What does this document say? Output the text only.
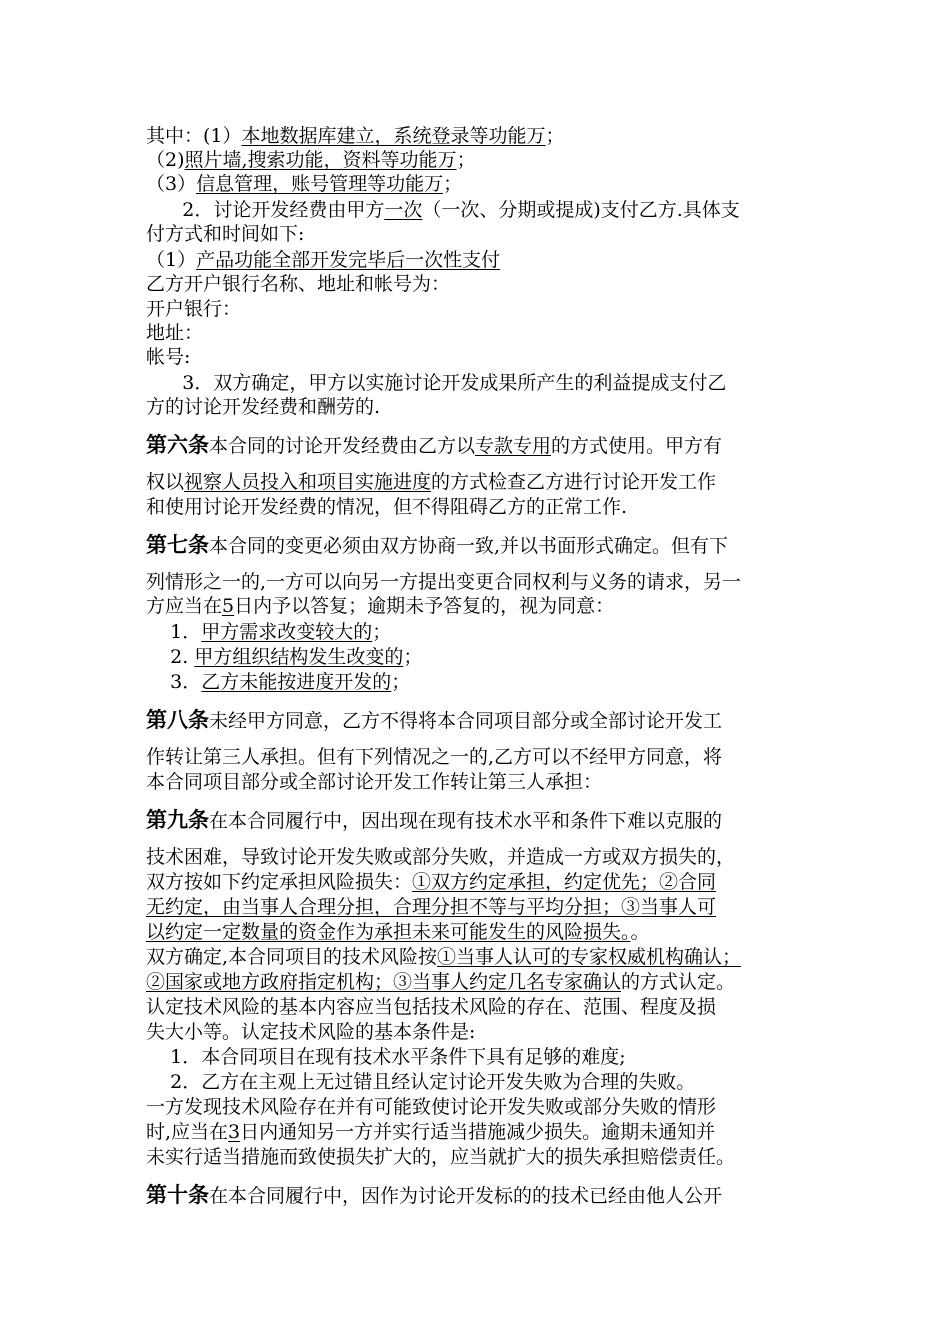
其中：(1）本地数据库建立，系统登录等功能万；
（2)照片墙,搜索功能，资料等功能万；
（3）信息管理，账号管理等功能万；
2．讨论开发经费由甲方一次（一次、分期或提成)支付乙方.具体支
付方式和时间如下:
（1）产品功能全部开发完毕后一次性支付
乙方开户银行名称、地址和帐号为：
开户银行：
地址：
帐号:
3．双方确定，甲方以实施讨论开发成果所产生的利益提成支付乙
方的讨论开发经费和酬劳的.
第六条本合同的讨论开发经费由乙方以专款专用的方式使用。甲方有
权以视察人员投入和项目实施进度的方式检查乙方进行讨论开发工作
和使用讨论开发经费的情况，但不得阻碍乙方的正常工作.
第七条本合同的变更必须由双方协商一致,并以书面形式确定。但有下
列情形之一的,一方可以向另一方提出变更合同权利与义务的请求，另一
方应当在5日内予以答复；逾期未予答复的，视为同意：
1．甲方需求改变较大的；
2. 甲方组织结构发生改变的；
3．乙方未能按进度开发的；
第八条未经甲方同意，乙方不得将本合同项目部分或全部讨论开发工
作转让第三人承担。但有下列情况之一的,乙方可以不经甲方同意，将
本合同项目部分或全部讨论开发工作转让第三人承担：
第九条在本合同履行中，因出现在现有技术水平和条件下难以克服的
技术困难，导致讨论开发失败或部分失败，并造成一方或双方损失的，
双方按如下约定承担风险损失：①双方约定承担，约定优先；②合同
无约定，由当事人合理分担，合理分担不等与平均分担；③当事人可
以约定一定数量的资金作为承担未来可能发生的风险损失。。
双方确定,本合同项目的技术风险按①当事人认可的专家权威机构确认；
②国家或地方政府指定机构；③当事人约定几名专家确认的方式认定。
认定技术风险的基本内容应当包括技术风险的存在、范围、程度及损
失大小等。认定技术风险的基本条件是:
1．本合同项目在现有技术水平条件下具有足够的难度;
2．乙方在主观上无过错且经认定讨论开发失败为合理的失败。
一方发现技术风险存在并有可能致使讨论开发失败或部分失败的情形
时,应当在3日内通知另一方并实行适当措施减少损失。逾期未通知并
未实行适当措施而致使损失扩大的，应当就扩大的损失承担赔偿责任。
第十条在本合同履行中，因作为讨论开发标的的技术已经由他人公开
